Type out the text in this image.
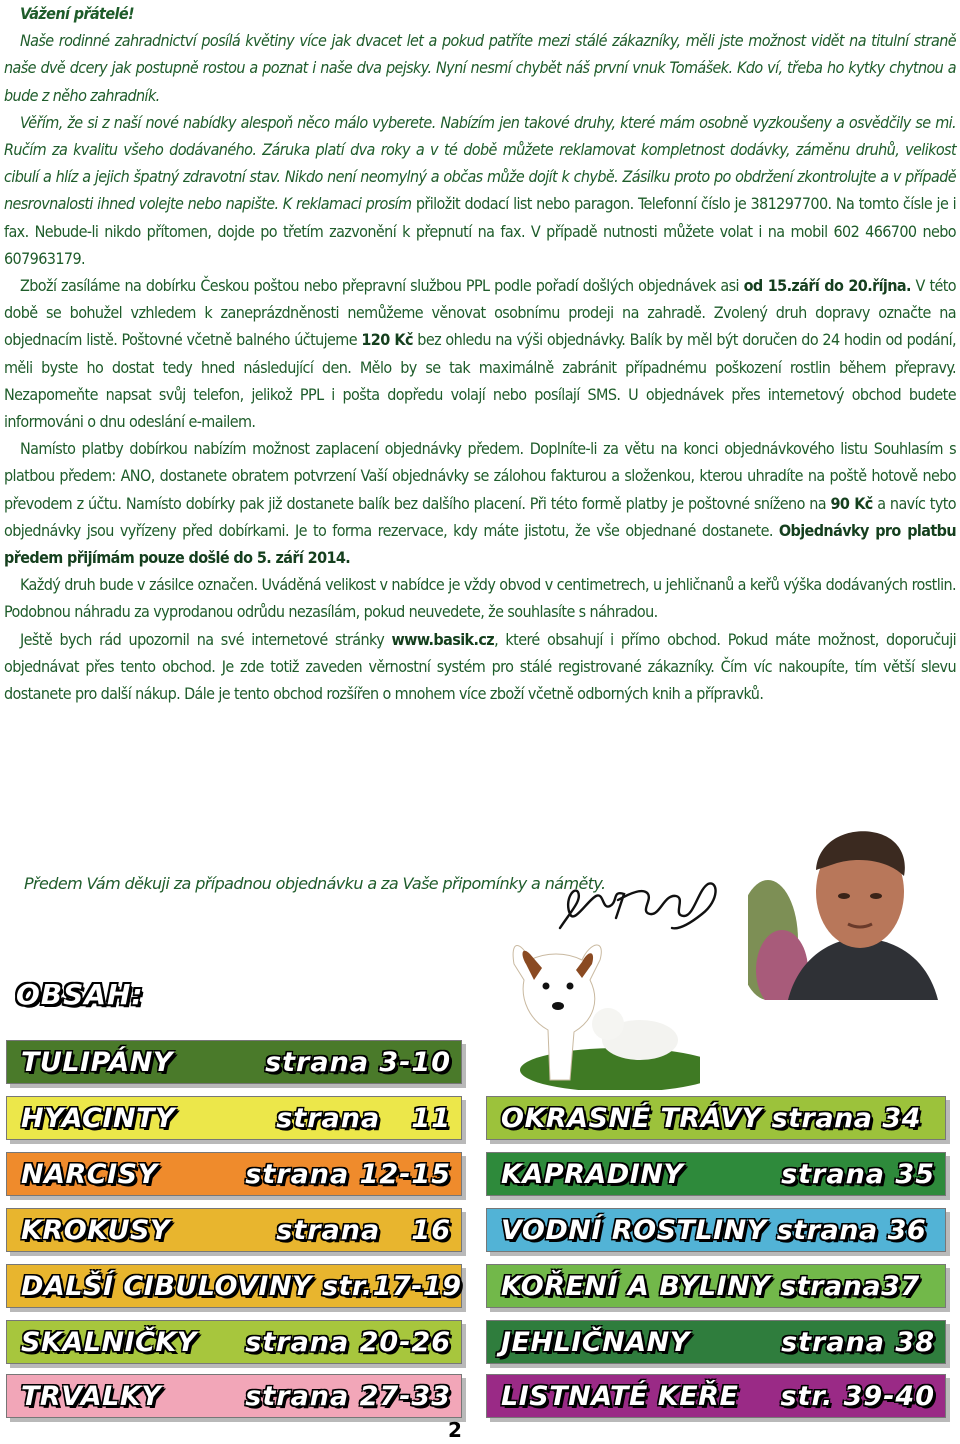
Vážení přátelé!

Naše rodinné zahradnictví posílá květiny více jak dvacet let a pokud patříte mezi stálé zákazníky, měli jste možnost vidět na titulní straně naše dvě dcery jak postupně rostou a poznat i naše dva pejsky. Nyní nesmí chybět náš první vnuk Tomášek. Kdo ví, třeba ho kytky chytnou a bude z něho zahradník.

Věřím, že si z naší nové nabídky alespoň něco málo vyberete. Nabízím jen takové druhy, které mám osobně vyzkoušeny a osvědčily se mi. Ručím za kvalitu všeho dodávaného. Záruka platí dva roky a v té době můžete reklamovat kompletnost dodávky, záměnu druhů, velikost cibulí a hlíz a jejich špatný zdravotní stav. Nikdo není neomylný a občas může dojít k chybě. Zásilku proto po obdržení zkontrolujte a v případě nesrovnalosti ihned volejte nebo napište. K reklamaci prosím přiložit dodací list nebo paragon. Telefonní číslo je 381297700. Na tomto čísle je i fax. Nebude-li nikdo přítomen, dojde po třetím zazvonění k přepnutí na fax. V případě nutnosti můžete volat i na mobil 602 466700 nebo 607963179.

Zboží zasíláme na dobírku Českou poštou nebo přepravní službou PPL podle pořadí došlých objednávek asi od 15.září do 20.října. V této době se bohužel vzhledem k zaneprázdněnosti nemůžeme věnovat osobnímu prodeji na zahradě. Zvolený druh dopravy označte na objednacím listě. Poštovné včetně balného účtujeme 120 Kč bez ohledu na výši objednávky. Balík by měl být doručen do 24 hodin od podání, měli byste ho dostat tedy hned následující den. Mělo by se tak maximálně zabránit případnému poškození rostlin během přepravy. Nezapomeňte napsat svůj telefon, jelikož PPL i pošta dopředu volají nebo posílají SMS. U objednávek přes internetový obchod budete informováni o dnu odeslání e-mailem.

Namísto platby dobírkou nabízím možnost zaplacení objednávky předem. Doplníte-li za větu na konci objednávkového listu Souhlasím s platbou předem: ANO, dostanete obratem potvrzení Vaší objednávky se zálohou fakturou a složenkou, kterou uhradíte na poště hotově nebo převodem z účtu. Namísto dobírky pak již dostanete balík bez dalšího placení. Při této formě platby je poštovné sníženo na 90 Kč a navíc tyto objednávky jsou vyřízeny před dobírkami. Je to forma rezervace, kdy máte jistotu, že vše objednané dostanete. Objednávky pro platbu předem přijímám pouze došlé do 5. září 2014.

Každý druh bude v zásilce označen. Uváděná velikost v nabídce je vždy obvod v centimetrech, u jehličnanů a keřů výška dodávaných rostlin. Podobnou náhradu za vyprodanou odrůdu nezasílám, pokud neuvedete, že souhlasíte s náhradou.

Ještě bych rád upozornil na své internetové stránky www.basik.cz, které obsahují i přímo obchod. Pokud máte možnost, doporučuji objednávat přes tento obchod. Je zde totiž zaveden věrnostní systém pro stálé registrované zákazníky. Čím víc nakoupíte, tím větší slevu dostanete pro další nákup. Dále je tento obchod rozšířen o mnohem více zboží včetně odborných knih a přípravků.

Předem Vám děkuji za případnou objednávku a za Vaše připomínky a náměty.
OBSAH:
TULIPÁNY	strana 3-10
HYACINTY	strana   11
NARCISY	strana 12-15
KROKUSY	strana   16
DALŠÍ CIBULOVINY str.17-19
SKALNIČKY strana 20-26
TRVALKY	strana 27-33
OKRASNÉ TRÁVY strana 34
KAPRADINY	strana 35
VODNÍ ROSTLINY strana 36
KOŘENÍ A BYLINY strana37
JEHLIČNANY	strana 38
LISTNATÉ KEŘE str. 39-40
2
